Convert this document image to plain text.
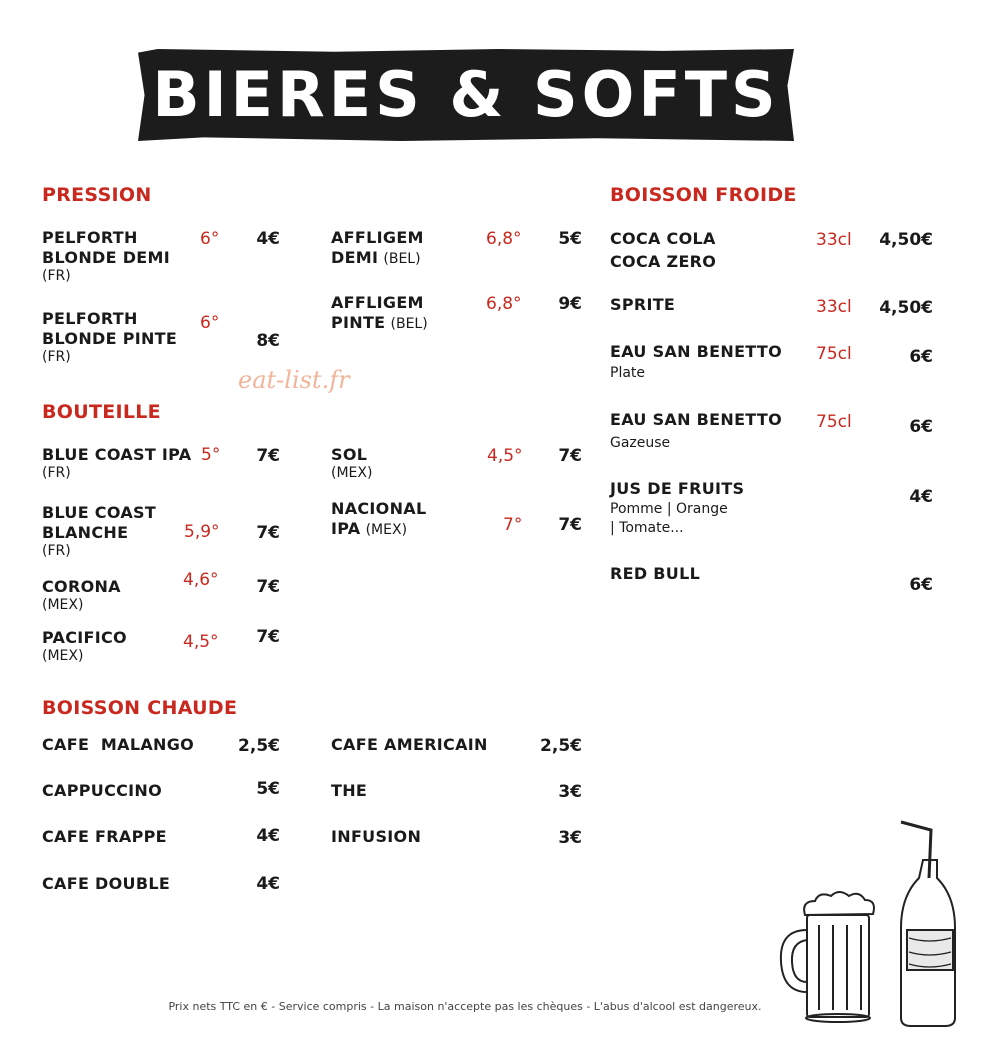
BIERES & SOFTS
PRESSION
PELFORTH
BLONDE DEMI
(FR)
6°	4€
PELFORTH
BLONDE PINTE
(FR)
6°
8€
AFFLIGEM
DEMI (BEL)
6,8°	5€
AFFLIGEM
PINTE (BEL)
6,8°	9€
eat-list.fr
BOUTEILLE
BLUE COAST IPA
(FR)
5°	7€
BLUE COAST
BLANCHE
(FR)
5,9°	7€
CORONA
(MEX)
4,6°	7€
PACIFICO
(MEX)
4,5°	7€
SOL
(MEX)
4,5°	7€
NACIONAL
IPA (MEX)	7°	7€
BOISSON CHAUDE
CAFE  MALANGO	2,5€
CAPPUCCINO	5€
CAFE FRAPPE	4€
CAFE DOUBLE	4€
CAFE AMERICAIN	2,5€
THE	3€
INFUSION	3€
BOISSON FROIDE
COCA COLA
COCA ZERO
33cl	4,50€
SPRITE	33cl	4,50€
EAU SAN BENETTO
Plate
75cl	6€
EAU SAN BENETTO
Gazeuse
75cl	6€
JUS DE FRUITS
Pomme | Orange
| Tomate...
4€
RED BULL
6€
Prix nets TTC en € - Service compris - La maison n'accepte pas les chèques - L'abus d'alcool est dangereux.
